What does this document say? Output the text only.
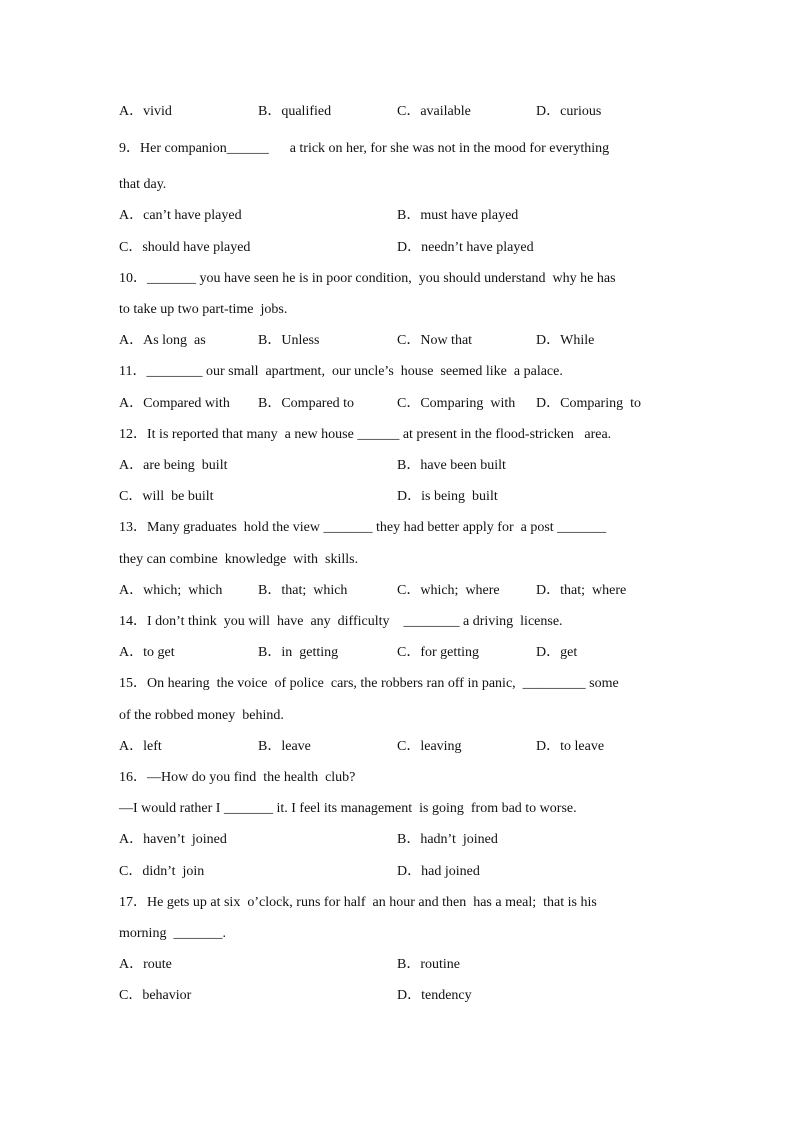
A．vivid	B．qualified	C．available	D．curious
9．Her companion______      a trick on her, for she was not in the mood for everything
that day.
A．can’t have played	B．must have played
C．should have played	D．needn’t have played
10．_______ you have seen he is in poor condition,  you should understand  why he has
to take up two part-time  jobs.
A．As long  as	B．Unless	C．Now that	D．While
11．________ our small  apartment,  our uncle’s  house  seemed like  a palace.
A．Compared with B．Compared to	C．Comparing  with D．Comparing  to
12．It is reported that many  a new house ______ at present in the flood-stricken   area.
A．are being  built	B．have been built
C．will  be built	D．is being  built
13．Many graduates  hold the view _______ they had better apply for  a post _______
they can combine  knowledge  with  skills.
A．which;  which	B．that;  which	C．which;  where	D．that;  where
14．I don’t think  you will  have  any  difficulty    ________ a driving  license.
A．to get	B．in  getting	C．for getting	D．get
15．On hearing  the voice  of police  cars, the robbers ran off in panic,  _________ some
of the robbed money  behind.
A．left	B．leave	C．leaving	D．to leave
16．—How do you find  the health  club?
—I would rather I _______ it. I feel its management  is going  from bad to worse.
A．haven’t  joined	B．hadn’t  joined
C．didn’t  join	D．had joined
17．He gets up at six  o’clock, runs for half  an hour and then  has a meal;  that is his
morning  _______.
A．route	B．routine
C．behavior	D．tendency
